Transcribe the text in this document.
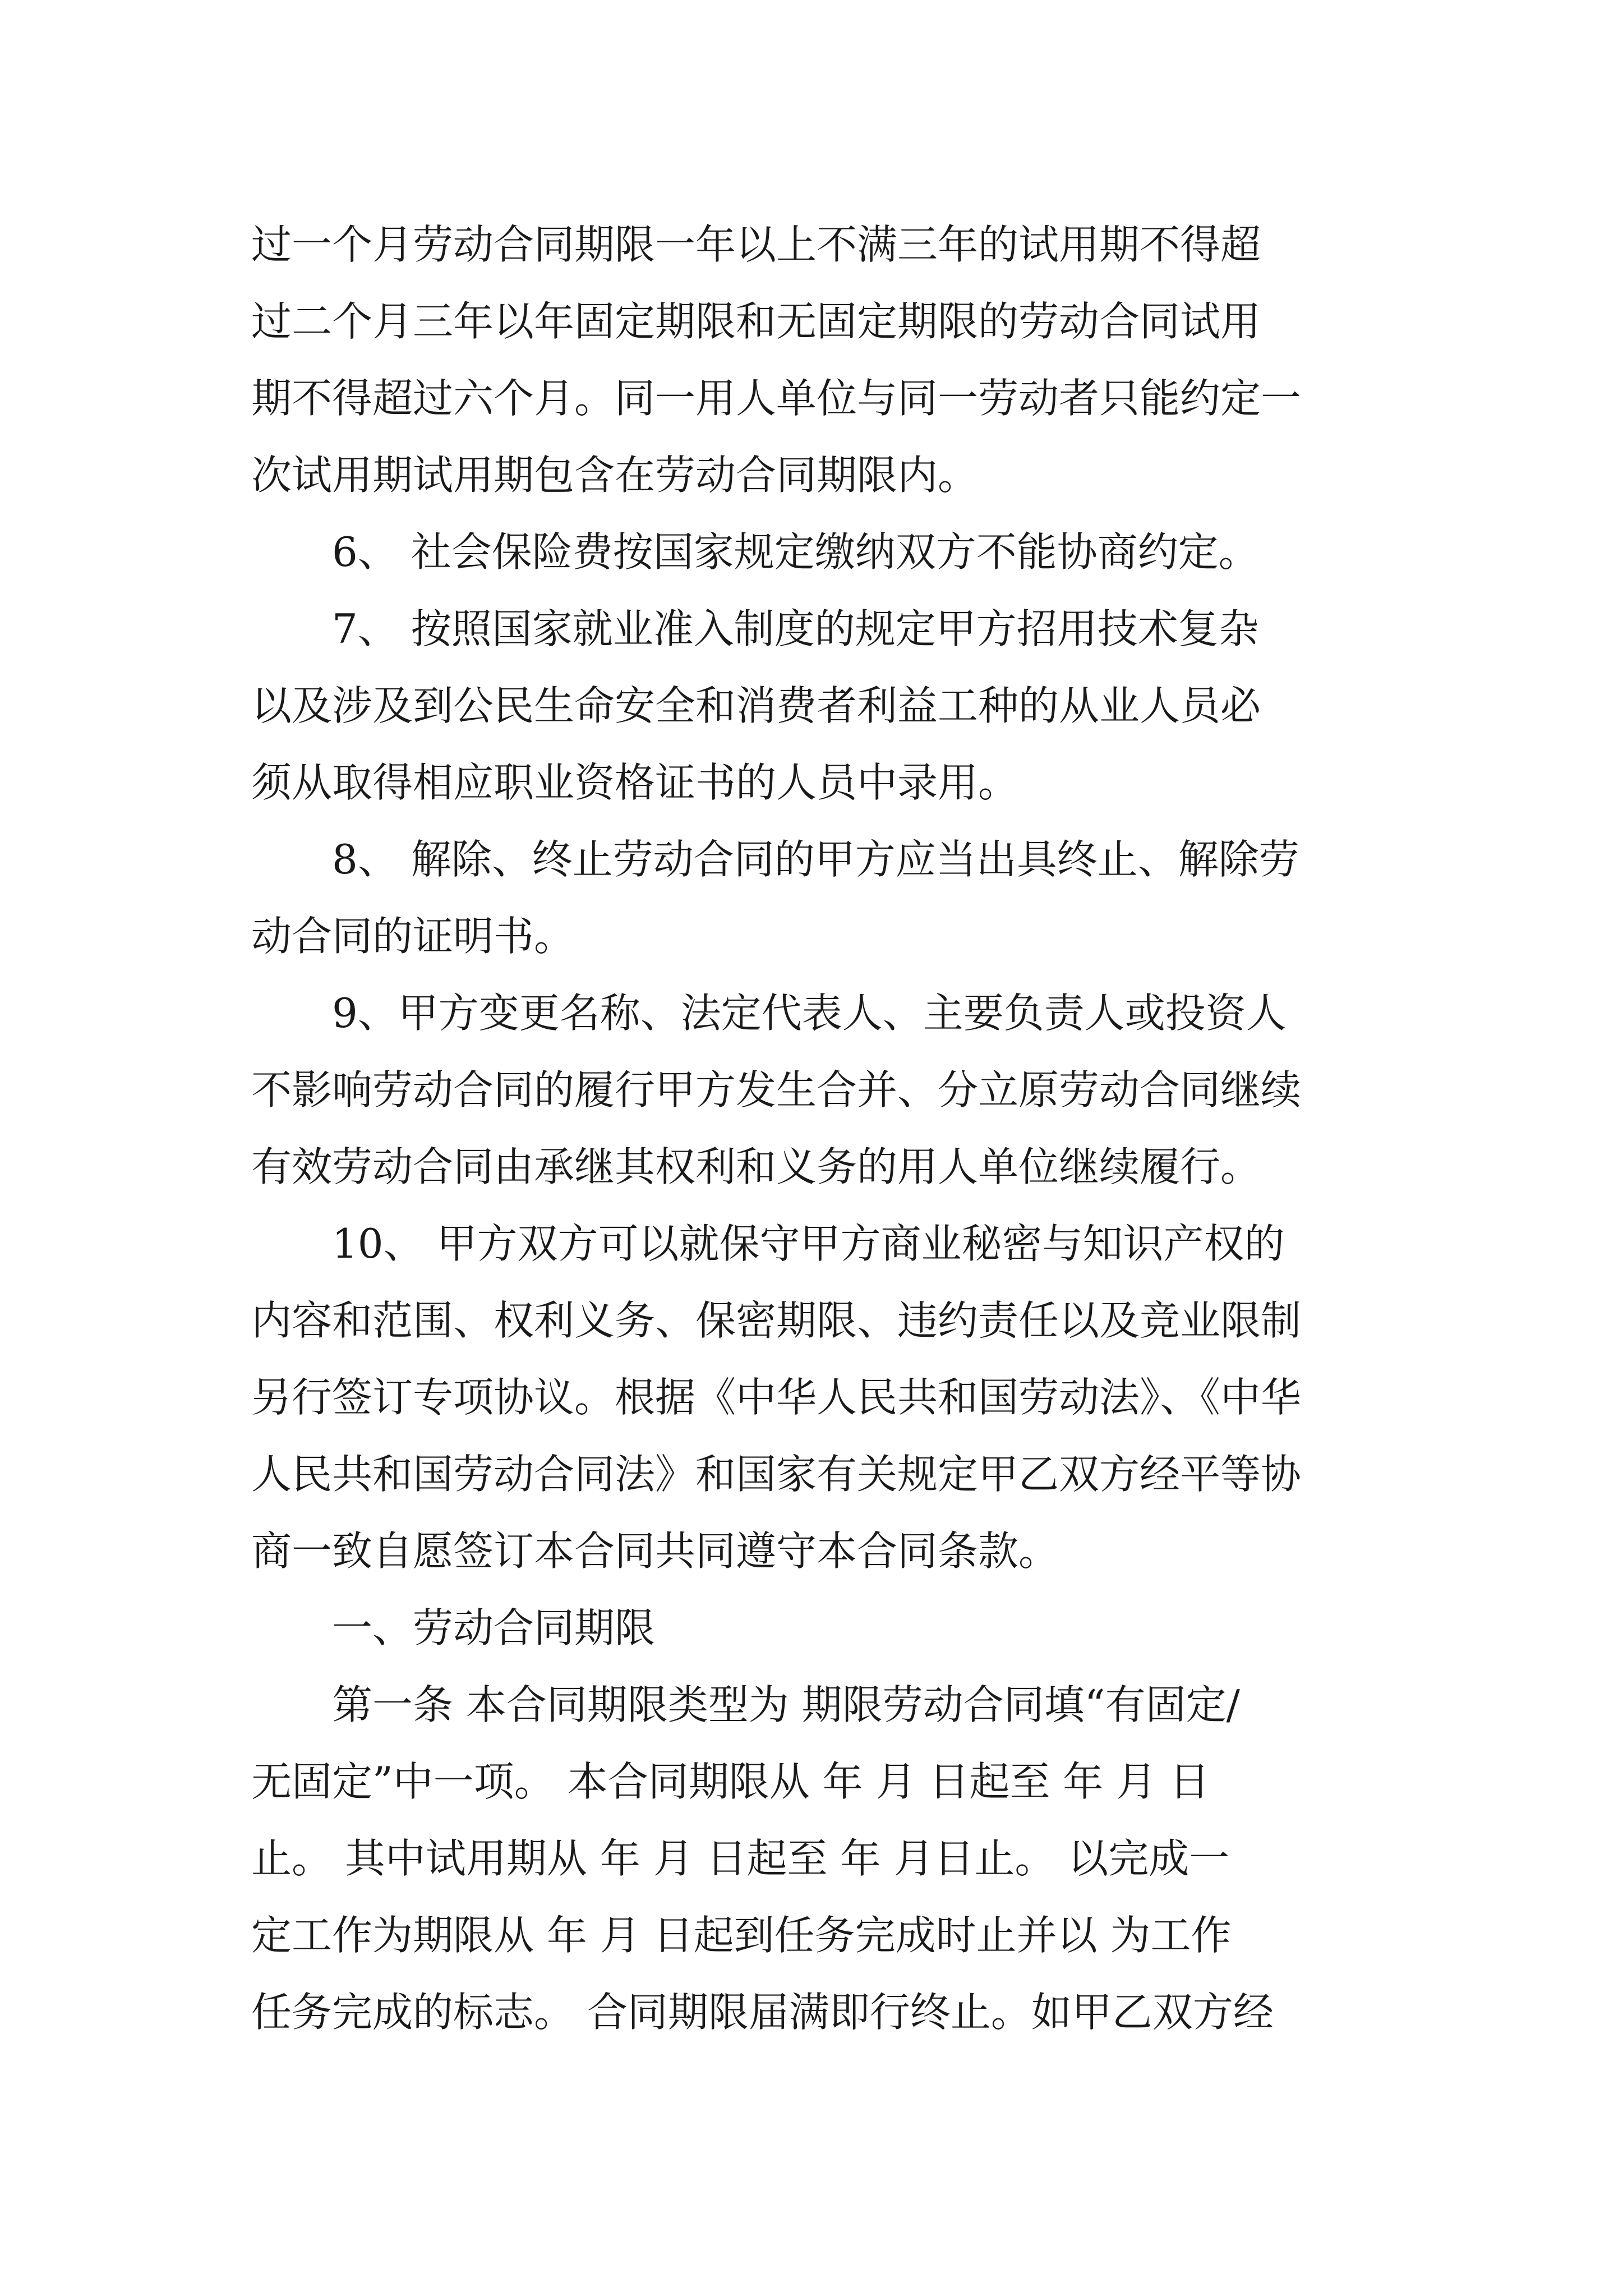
过一个月劳动合同期限一年以上不满三年的试用期不得超
过二个月三年以年固定期限和无固定期限的劳动合同试用
期不得超过六个月。同一用人单位与同一劳动者只能约定一
次试用期试用期包含在劳动合同期限内。
6、 社会保险费按国家规定缴纳双方不能协商约定。
7、 按照国家就业准入制度的规定甲方招用技术复杂
以及涉及到公民生命安全和消费者利益工种的从业人员必
须从取得相应职业资格证书的人员中录用。
8、 解除、终止劳动合同的甲方应当出具终止、解除劳
动合同的证明书。
9、甲方变更名称、法定代表人、主要负责人或投资人
不影响劳动合同的履行甲方发生合并、分立原劳动合同继续
有效劳动合同由承继其权利和义务的用人单位继续履行。
10、 甲方双方可以就保守甲方商业秘密与知识产权的
内容和范围、权利义务、保密期限、违约责任以及竞业限制
另行签订专项协议。根据《中华人民共和国劳动法》、《中华
人民共和国劳动合同法》和国家有关规定甲乙双方经平等协
商一致自愿签订本合同共同遵守本合同条款。
一、劳动合同期限
第一条 本合同期限类型为 期限劳动合同填“有固定/
无固定”中一项。 本合同期限从 年 月 日起至 年 月 日
止。 其中试用期从 年 月 日起至 年 月日止。 以完成一
定工作为期限从 年 月 日起到任务完成时止并以 为工作
任务完成的标志。 合同期限届满即行终止。如甲乙双方经
